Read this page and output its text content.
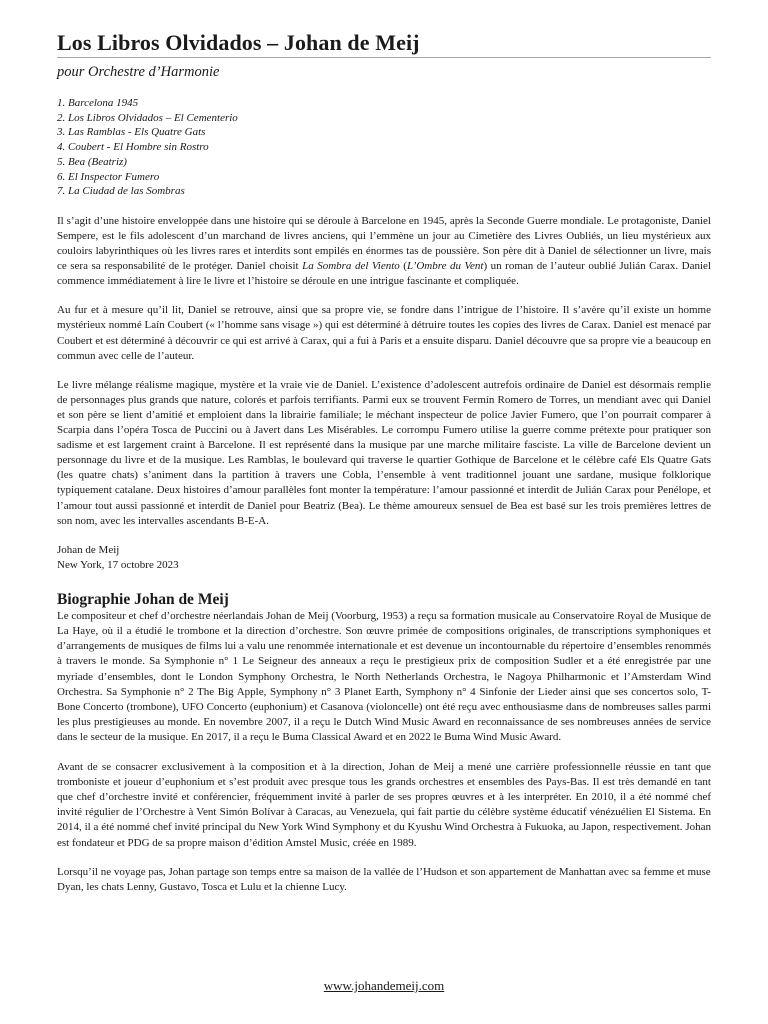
Los Libros Olvidados – Johan de Meij

pour Orchestre d’Harmonie

1. Barcelona 1945
2. Los Libros Olvidados – El Cementerio
3. Las Ramblas - Els Quatre Gats
4. Coubert - El Hombre sin Rostro
5. Bea (Beatriz)
6. El Inspector Fumero
7. La Ciudad de las Sombras

Il s’agit d’une histoire enveloppée dans une histoire qui se déroule à Barcelone en 1945, après la Seconde Guerre mondiale. Le protagoniste, Daniel Sempere, est le fils adolescent d’un marchand de livres anciens, qui l’emmène un jour au Cimetière des Livres Oubliés, un lieu mystérieux aux couloirs labyrinthiques où les livres rares et interdits sont empilés en énormes tas de poussière. Son père dit à Daniel de sélectionner un livre, mais ce sera sa responsabilité de le protéger. Daniel choisit La Sombra del Viento (L’Ombre du Vent) un roman de l’auteur oublié Julián Carax. Daniel commence immédiatement à lire le livre et l’histoire se déroule en une intrigue fascinante et compliquée.

Au fur et à mesure qu’il lit, Daniel se retrouve, ainsi que sa propre vie, se fondre dans l’intrigue de l’histoire. Il s’avère qu’il existe un homme mystérieux nommé Laín Coubert (« l’homme sans visage ») qui est déterminé à détruire toutes les copies des livres de Carax. Daniel est menacé par Coubert et est déterminé à découvrir ce qui est arrivé à Carax, qui a fui à Paris et a ensuite disparu. Daniel découvre que sa propre vie a beaucoup en commun avec celle de l’auteur.

Le livre mélange réalisme magique, mystère et la vraie vie de Daniel. L’existence d’adolescent autrefois ordinaire de Daniel est désormais remplie de personnages plus grands que nature, colorés et parfois terrifiants. Parmi eux se trouvent Fermín Romero de Torres, un mendiant avec qui Daniel et son père se lient d’amitié et emploient dans la librairie familiale; le méchant inspecteur de police Javier Fumero, que l’on pourrait comparer à Scarpia dans l’opéra Tosca de Puccini ou à Javert dans Les Misérables. Le corrompu Fumero utilise la guerre comme prétexte pour pratiquer son sadisme et est largement craint à Barcelone. Il est représenté dans la musique par une marche militaire fasciste. La ville de Barcelone devient un personnage du livre et de la musique. Les Ramblas, le boulevard qui traverse le quartier Gothique de Barcelone et le célèbre café Els Quatre Gats (les quatre chats) s’animent dans la partition à travers une Cobla, l’ensemble à vent traditionnel jouant une sardane, musique folklorique typiquement catalane. Deux histoires d’amour parallèles font monter la température: l’amour passionné et interdit de Julián Carax pour Penélope, et l’amour tout aussi passionné et interdit de Daniel pour Beatriz (Bea). Le thème amoureux sensuel de Bea est basé sur les trois premières lettres de son nom, avec les intervalles ascendants B-E-A.

Johan de Meij
New York, 17 octobre 2023
Biographie Johan de Meij

Le compositeur et chef d’orchestre néerlandais Johan de Meij (Voorburg, 1953) a reçu sa formation musicale au Conservatoire Royal de Musique de La Haye, où il a étudié le trombone et la direction d’orchestre. Son œuvre primée de compositions originales, de transcriptions symphoniques et d’arrangements de musiques de films lui a valu une renommée internationale et est devenue un incontournable du répertoire d’ensembles renommés à travers le monde. Sa Symphonie n° 1 Le Seigneur des anneaux a reçu le prestigieux prix de composition Sudler et a été enregistrée par une myriade d’ensembles, dont le London Symphony Orchestra, le North Netherlands Orchestra, le Nagoya Philharmonic et l’Amsterdam Wind Orchestra. Sa Symphonie n° 2 The Big Apple, Symphony n° 3 Planet Earth, Symphony n° 4 Sinfonie der Lieder ainsi que ses concertos solo, T-Bone Concerto (trombone), UFO Concerto (euphonium) et Casanova (violoncelle) ont été reçu avec enthousiasme dans de nombreuses salles parmi les plus prestigieuses au monde. En novembre 2007, il a reçu le Dutch Wind Music Award en reconnaissance de ses nombreuses années de service dans le secteur de la musique. En 2017, il a reçu le Buma Classical Award et en 2022 le Buma Wind Music Award.

Avant de se consacrer exclusivement à la composition et à la direction, Johan de Meij a mené une carrière professionnelle réussie en tant que tromboniste et joueur d’euphonium et s’est produit avec presque tous les grands orchestres et ensembles des Pays-Bas. Il est très demandé en tant que chef d’orchestre invité et conférencier, fréquemment invité à parler de ses propres œuvres et à les interpréter. En 2010, il a été nommé chef invité régulier de l’Orchestre à Vent Simón Bolívar à Caracas, au Venezuela, qui fait partie du célèbre système éducatif vénézuélien El Sistema. En 2014, il a été nommé chef invité principal du New York Wind Symphony et du Kyushu Wind Orchestra à Fukuoka, au Japon, respectivement. Johan est fondateur et PDG de sa propre maison d’édition Amstel Music, créée en 1989.

Lorsqu’il ne voyage pas, Johan partage son temps entre sa maison de la vallée de l’Hudson et son appartement de Manhattan avec sa femme et muse Dyan, les chats Lenny, Gustavo, Tosca et Lulu et la chienne Lucy.

www.johandemeij.com
